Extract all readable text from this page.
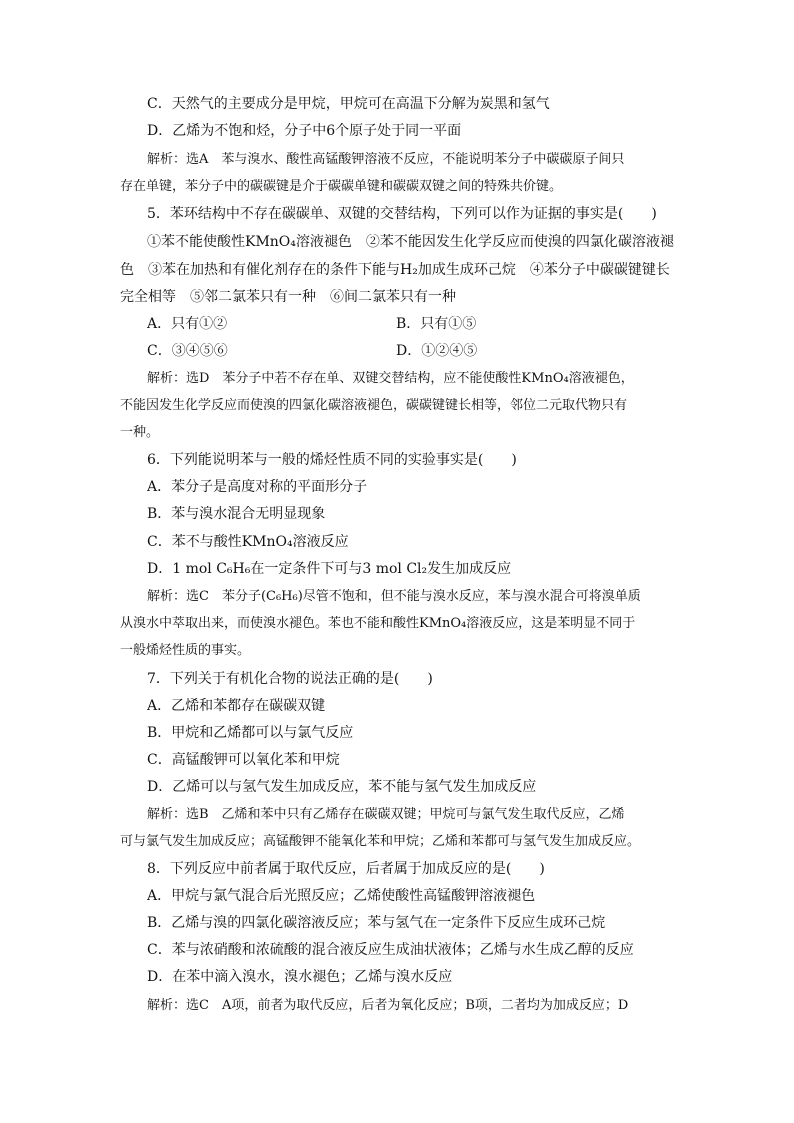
C．天然气的主要成分是甲烷，甲烷可在高温下分解为炭黑和氢气
D．乙烯为不饱和烃，分子中6个原子处于同一平面
解析：选A　苯与溴水、酸性高锰酸钾溶液不反应，不能说明苯分子中碳碳原子间只
存在单键，苯分子中的碳碳键是介于碳碳单键和碳碳双键之间的特殊共价键。
5．苯环结构中不存在碳碳单、双键的交替结构，下列可以作为证据的事实是(　　)
①苯不能使酸性KMnO₄溶液褪色　②苯不能因发生化学反应而使溴的四氯化碳溶液褪
色　③苯在加热和有催化剂存在的条件下能与H₂加成生成环己烷　④苯分子中碳碳键键长
完全相等　⑤邻二氯苯只有一种　⑥间二氯苯只有一种
A．只有①②	B．只有①⑤
C．③④⑤⑥	D．①②④⑤
解析：选D　苯分子中若不存在单、双键交替结构，应不能使酸性KMnO₄溶液褪色，
不能因发生化学反应而使溴的四氯化碳溶液褪色，碳碳键键长相等，邻位二元取代物只有
一种。
6．下列能说明苯与一般的烯烃性质不同的实验事实是(　　)
A．苯分子是高度对称的平面形分子
B．苯与溴水混合无明显现象
C．苯不与酸性KMnO₄溶液反应
D．1 mol C₆H₆在一定条件下可与3 mol Cl₂发生加成反应
解析：选C　苯分子(C₆H₆)尽管不饱和，但不能与溴水反应，苯与溴水混合可将溴单质
从溴水中萃取出来，而使溴水褪色。苯也不能和酸性KMnO₄溶液反应，这是苯明显不同于
一般烯烃性质的事实。
7．下列关于有机化合物的说法正确的是(　　)
A．乙烯和苯都存在碳碳双键
B．甲烷和乙烯都可以与氯气反应
C．高锰酸钾可以氧化苯和甲烷
D．乙烯可以与氢气发生加成反应，苯不能与氢气发生加成反应
解析：选B　乙烯和苯中只有乙烯存在碳碳双键；甲烷可与氯气发生取代反应，乙烯
可与氯气发生加成反应；高锰酸钾不能氧化苯和甲烷；乙烯和苯都可与氢气发生加成反应。
8．下列反应中前者属于取代反应，后者属于加成反应的是(　　)
A．甲烷与氯气混合后光照反应；乙烯使酸性高锰酸钾溶液褪色
B．乙烯与溴的四氯化碳溶液反应；苯与氢气在一定条件下反应生成环己烷
C．苯与浓硝酸和浓硫酸的混合液反应生成油状液体；乙烯与水生成乙醇的反应
D．在苯中滴入溴水，溴水褪色；乙烯与溴水反应
解析：选C　A项，前者为取代反应，后者为氧化反应；B项，二者均为加成反应；D
